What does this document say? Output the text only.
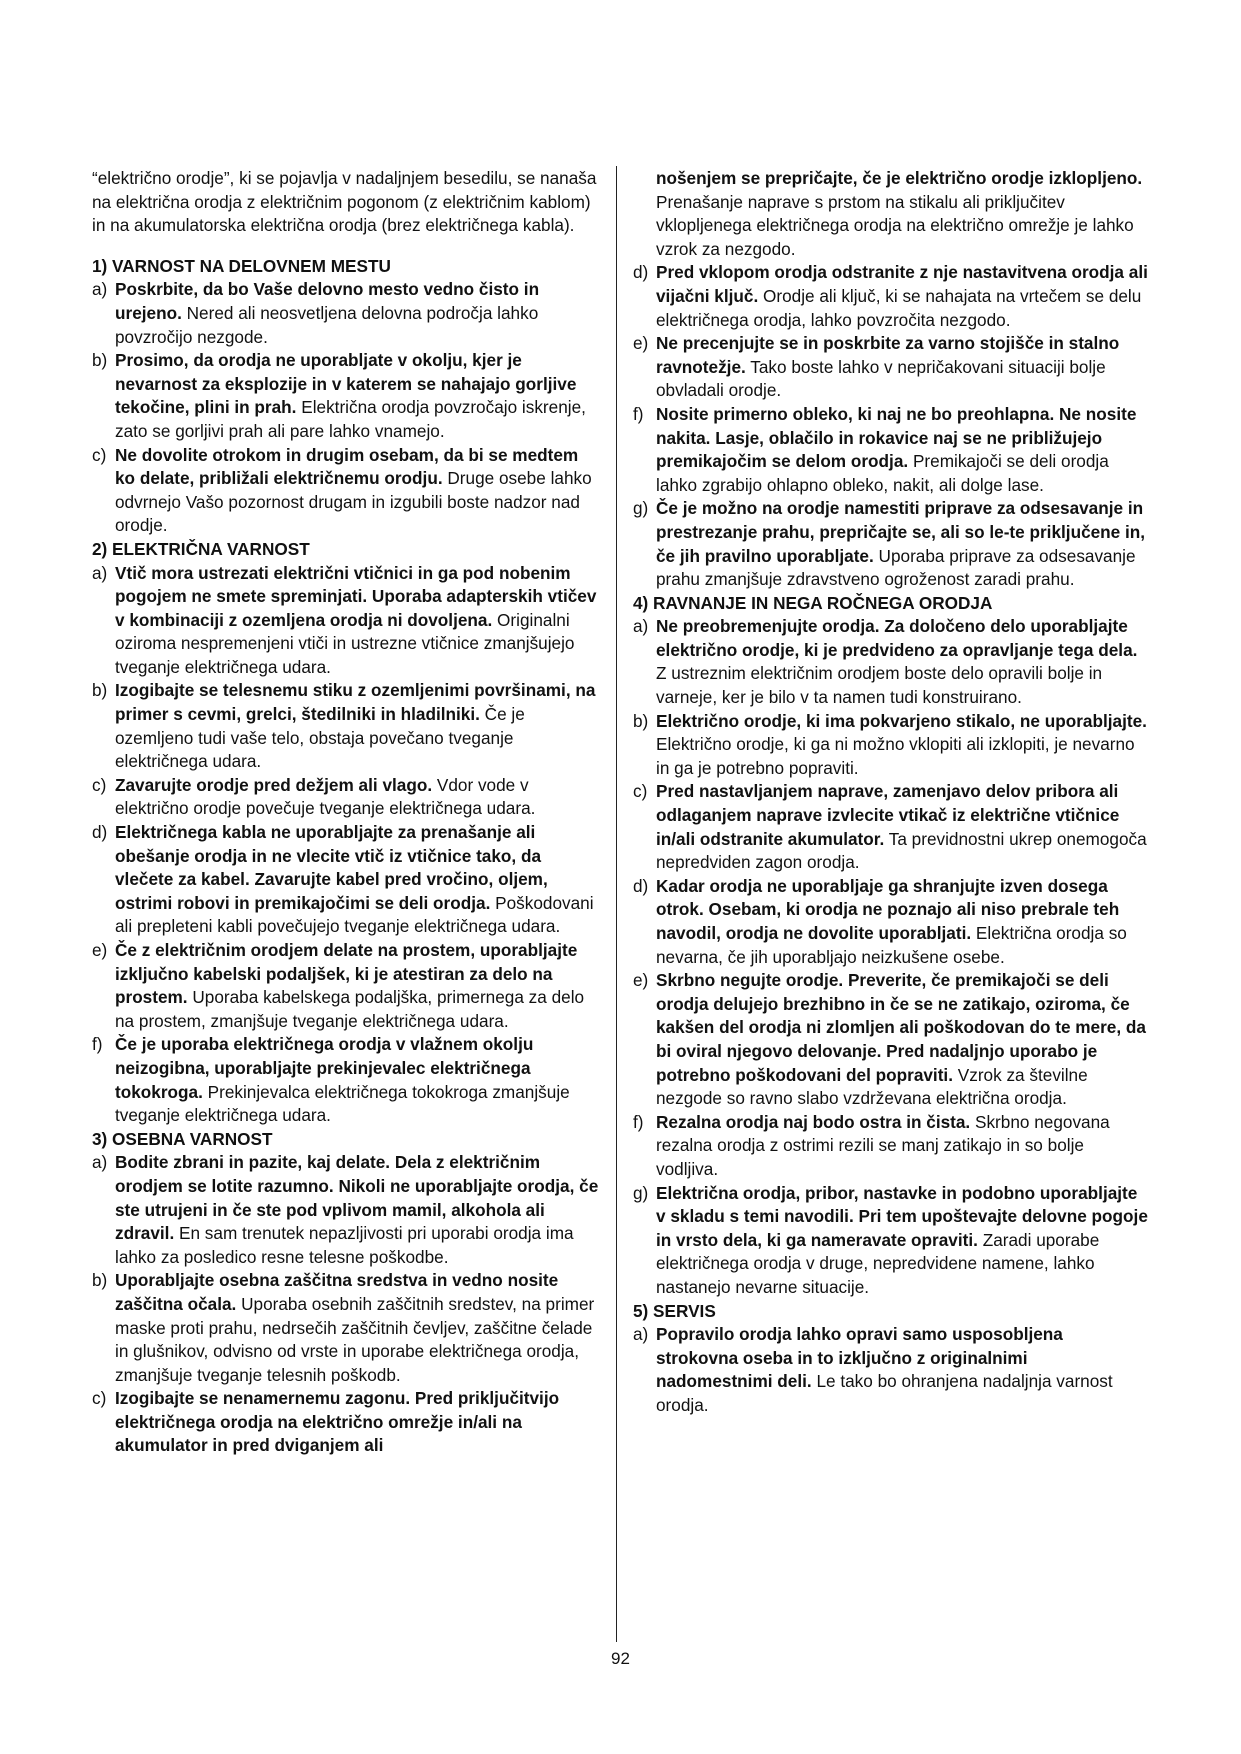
“električno orodje”, ki se pojavlja v nadaljnjem besedilu, se nanaša na električna orodja z električnim pogonom (z električnim kablom) in na akumulatorska električna orodja (brez električnega kabla).

1) VARNOST NA DELOVNEM MESTU
a) Poskrbite, da bo Vaše delovno mesto vedno čisto in urejeno. Nered ali neosvetljena delovna področja lahko povzročijo nezgode.
b) Prosimo, da orodja ne uporabljate v okolju, kjer je nevarnost za eksplozije in v katerem se nahajajo gorljive tekočine, plini in prah. Električna orodja povzročajo iskrenje, zato se gorljivi prah ali pare lahko vnamejo.
c) Ne dovolite otrokom in drugim osebam, da bi se medtem ko delate, približali električnemu orodju. Druge osebe lahko odvrnejo Vašo pozornost drugam in izgubili boste nadzor nad orodje.
2) ELEKTRIČNA VARNOST
a) Vtič mora ustrezati električni vtičnici in ga pod nobenim pogojem ne smete spreminjati. Uporaba adapterskih vtičev v kombinaciji z ozemljena orodja ni dovoljena. Originalni oziroma nespremenjeni vtiči in ustrezne vtičnice zmanjšujejo tveganje električnega udara.
b) Izogibajte se telesnemu stiku z ozemljenimi površinami, na primer s cevmi, grelci, štedilniki in hladilniki. Če je ozemljeno tudi vaše telo, obstaja povečano tveganje električnega udara.
c) Zavarujte orodje pred dežjem ali vlago. Vdor vode v električno orodje povečuje tveganje električnega udara.
d) Električnega kabla ne uporabljajte za prenašanje ali obešanje orodja in ne vlecite vtič iz vtičnice tako, da vlečete za kabel. Zavarujte kabel pred vročino, oljem, ostrimi robovi in premikajočimi se deli orodja. Poškodovani ali prepleteni kabli povečujejo tveganje električnega udara.
e) Če z električnim orodjem delate na prostem, uporabljajte izključno kabelski podaljšek, ki je atestiran za delo na prostem. Uporaba kabelskega podaljška, primernega za delo na prostem, zmanjšuje tveganje električnega udara.
f) Če je uporaba električnega orodja v vlažnem okolju neizogibna, uporabljajte prekinjevalec električnega tokokroga. Prekinjevalca električnega tokokroga zmanjšuje tveganje električnega udara.
3) OSEBNA VARNOST
a) Bodite zbrani in pazite, kaj delate. Dela z električnim orodjem se lotite razumno. Nikoli ne uporabljajte orodja, če ste utrujeni in če ste pod vplivom mamil, alkohola ali zdravil. En sam trenutek nepazljivosti pri uporabi orodja ima lahko za posledico resne telesne poškodbe.
b) Uporabljajte osebna zaščitna sredstva in vedno nosite zaščitna očala. Uporaba osebnih zaščitnih sredstev, na primer maske proti prahu, nedrsečih zaščitnih čevljev, zaščitne čelade in glušnikov, odvisno od vrste in uporabe električnega orodja, zmanjšuje tveganje telesnih poškodb.
c) Izogibajte se nenamernemu zagonu. Pred priključitvijo električnega orodja na električno omrežje in/ali na akumulator in pred dviganjem ali
nošenjem se prepričajte, če je električno orodje izklopljeno. Prenašanje naprave s prstom na stikalu ali priključitev vklopljenega električnega orodja na električno omrežje je lahko vzrok za nezgodo.
d) Pred vklopom orodja odstranite z nje nastavitvena orodja ali vijačni ključ. Orodje ali ključ, ki se nahajata na vrtečem se delu električnega orodja, lahko povzročita nezgodo.
e) Ne precenjujte se in poskrbite za varno stojišče in stalno ravnotežje. Tako boste lahko v nepričakovani situaciji bolje obvladali orodje.
f) Nosite primerno obleko, ki naj ne bo preohlapna. Ne nosite nakita. Lasje, oblačilo in rokavice naj se ne približujejo premikajočim se delom orodja. Premikajoči se deli orodja lahko zgrabijo ohlapno obleko, nakit, ali dolge lase.
g) Če je možno na orodje namestiti priprave za odsesavanje in prestrezanje prahu, prepričajte se, ali so le-te priključene in, če jih pravilno uporabljate. Uporaba priprave za odsesavanje prahu zmanjšuje zdravstveno ogroženost zaradi prahu.
4) RAVNANJE IN NEGA ROČNEGA ORODJA
a) Ne preobremenjujte orodja. Za določeno delo uporabljajte električno orodje, ki je predvideno za opravljanje tega dela. Z ustreznim električnim orodjem boste delo opravili bolje in varneje, ker je bilo v ta namen tudi konstruirano.
b) Električno orodje, ki ima pokvarjeno stikalo, ne uporabljajte. Električno orodje, ki ga ni možno vklopiti ali izklopiti, je nevarno in ga je potrebno popraviti.
c) Pred nastavljanjem naprave, zamenjavo delov pribora ali odlaganjem naprave izvlecite vtikač iz električne vtičnice in/ali odstranite akumulator. Ta previdnostni ukrep onemogoča nepredviden zagon orodja.
d) Kadar orodja ne uporabljaje ga shranjujte izven dosega otrok. Osebam, ki orodja ne poznajo ali niso prebrale teh navodil, orodja ne dovolite uporabljati. Električna orodja so nevarna, če jih uporabljajo neizkušene osebe.
e) Skrbno negujte orodje. Preverite, če premikajoči se deli orodja delujejo brezhibno in če se ne zatikajo, oziroma, če kakšen del orodja ni zlomljen ali poškodovan do te mere, da bi oviral njegovo delovanje. Pred nadaljnjo uporabo je potrebno poškodovani del popraviti. Vzrok za številne nezgode so ravno slabo vzdrževana električna orodja.
f) Rezalna orodja naj bodo ostra in čista. Skrbno negovana rezalna orodja z ostrimi rezili se manj zatikajo in so bolje vodljiva.
g) Električna orodja, pribor, nastavke in podobno uporabljajte v skladu s temi navodili. Pri tem upoštevajte delovne pogoje in vrsto dela, ki ga nameravate opraviti. Zaradi uporabe električnega orodja v druge, nepredvidene namene, lahko nastanejo nevarne situacije.
5) SERVIS
a) Popravilo orodja lahko opravi samo usposobljena strokovna oseba in to izključno z originalnimi nadomestnimi deli. Le tako bo ohranjena nadaljnja varnost orodja.
92
